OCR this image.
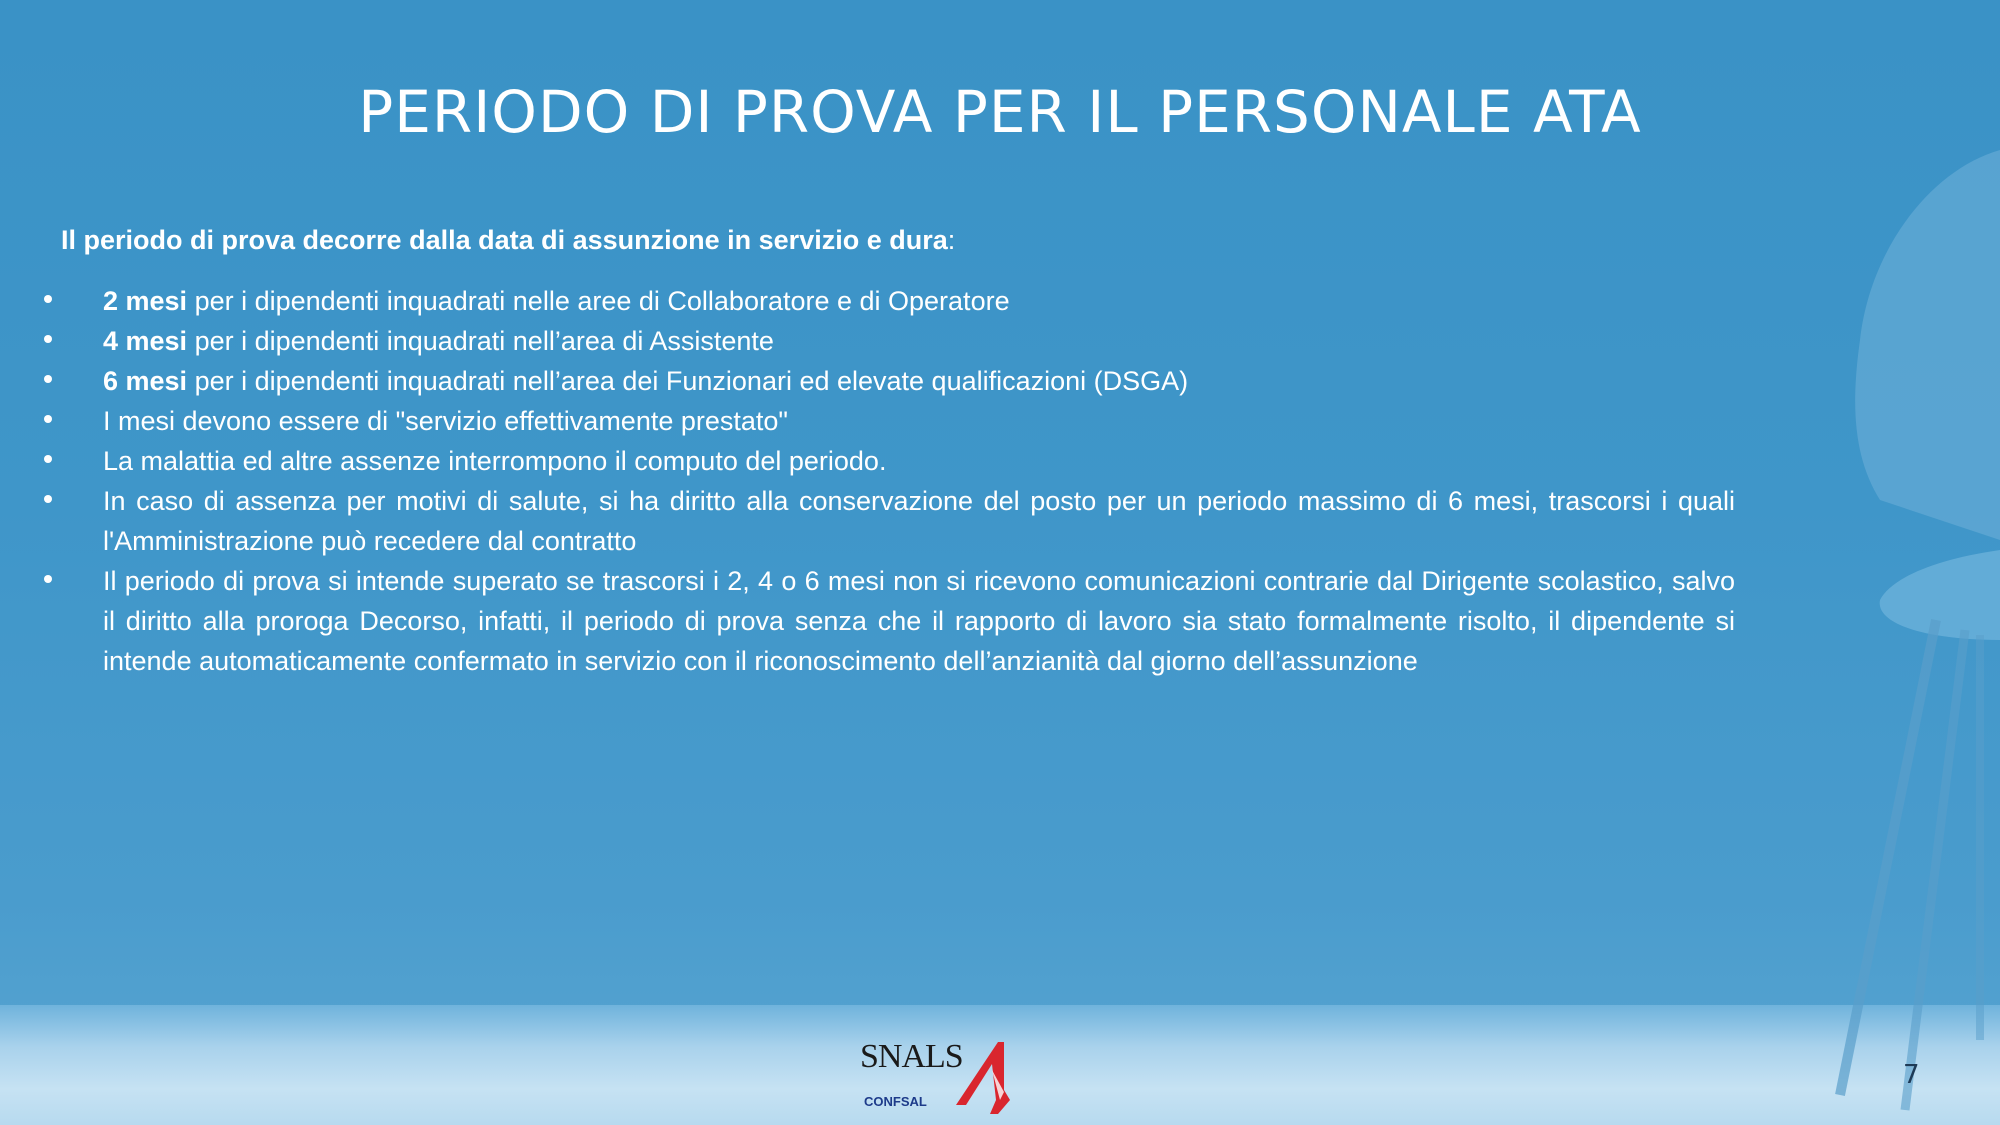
PERIODO DI PROVA PER IL PERSONALE ATA

Il periodo di prova decorre dalla data di assunzione in servizio e dura:

2 mesi per i dipendenti inquadrati nelle aree di Collaboratore e di Operatore
4 mesi per i dipendenti inquadrati nell’area di Assistente
6 mesi per i dipendenti inquadrati nell’area dei Funzionari ed elevate qualificazioni (DSGA)
I mesi devono essere di "servizio effettivamente prestato"
La malattia ed altre assenze interrompono il computo del periodo.
In caso di assenza per motivi di salute, si ha diritto alla conservazione del posto per un periodo massimo di 6 mesi, trascorsi i quali l'Amministrazione può recedere dal contratto
Il periodo di prova si intende superato se trascorsi i 2, 4 o 6 mesi non si ricevono comunicazioni contrarie dal Dirigente scolastico, salvo il diritto alla proroga Decorso, infatti, il periodo di prova senza che il rapporto di lavoro sia stato formalmente risolto, il dipendente si intende automaticamente confermato in servizio con il riconoscimento dell’anzianità dal giorno dell’assunzione
SNALS
CONFSAL
7
